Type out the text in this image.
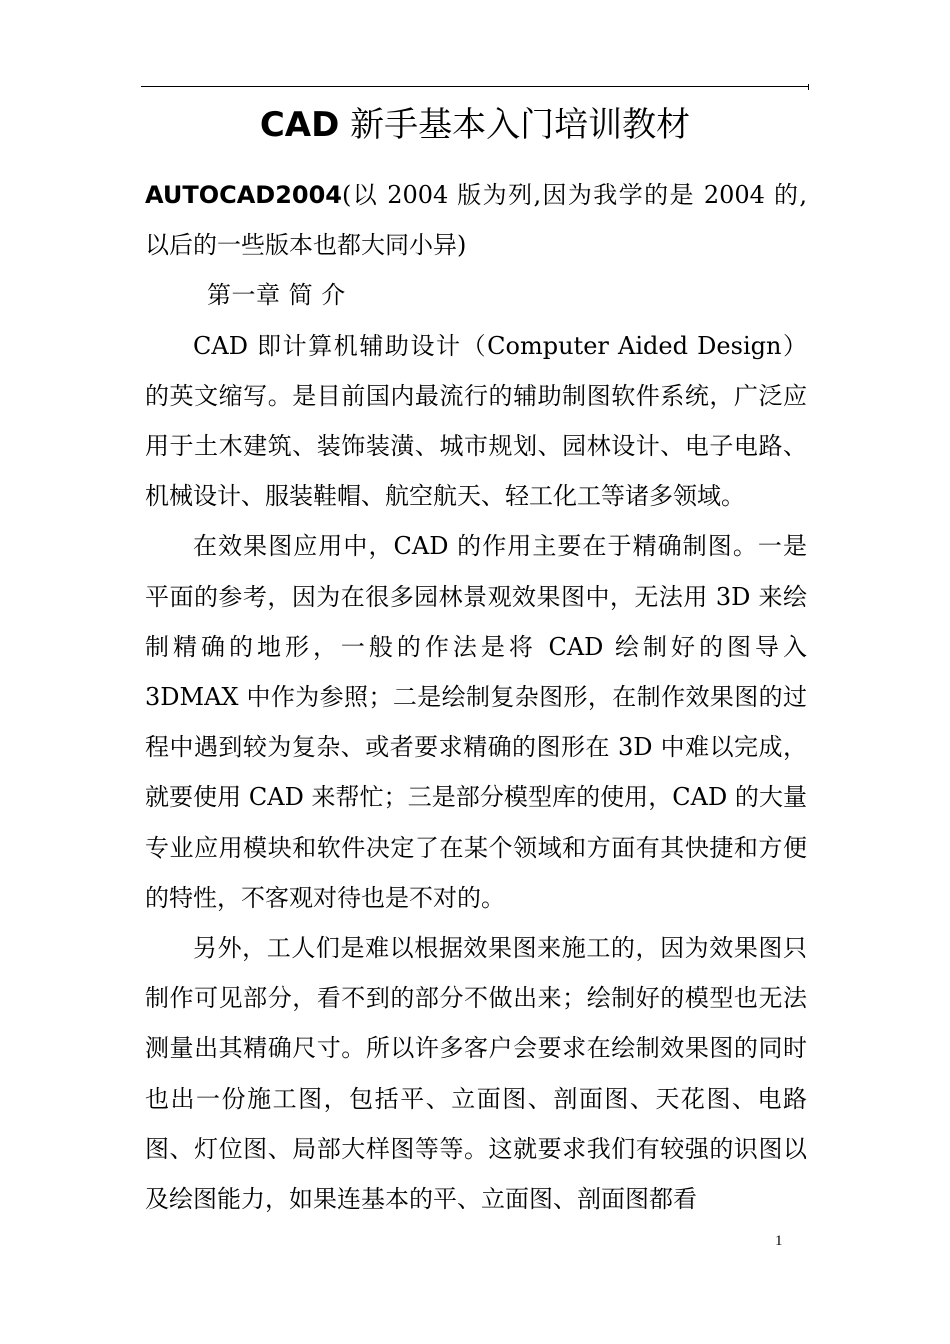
CAD 新手基本入门培训教材

AUTOCAD2004(以 2004 版为列,因为我学的是 2004 的,以后的一些版本也都大同小异)

第一章 简 介

CAD 即计算机辅助设计（Computer Aided Design）的英文缩写。是目前国内最流行的辅助制图软件系统，广泛应用于土木建筑、装饰装潢、城市规划、园林设计、电子电路、机械设计、服装鞋帽、航空航天、轻工化工等诸多领域。

在效果图应用中，CAD 的作用主要在于精确制图。一是平面的参考，因为在很多园林景观效果图中，无法用 3D 来绘制精确的地形，一般的作法是将 CAD 绘制好的图导入 3DMAX 中作为参照；二是绘制复杂图形，在制作效果图的过程中遇到较为复杂、或者要求精确的图形在 3D 中难以完成，就要使用 CAD 来帮忙；三是部分模型库的使用，CAD 的大量专业应用模块和软件决定了在某个领域和方面有其快捷和方便的特性，不客观对待也是不对的。

另外，工人们是难以根据效果图来施工的，因为效果图只制作可见部分，看不到的部分不做出来；绘制好的模型也无法测量出其精确尺寸。所以许多客户会要求在绘制效果图的同时也出一份施工图，包括平、立面图、剖面图、天花图、电路图、灯位图、局部大样图等等。这就要求我们有较强的识图以及绘图能力，如果连基本的平、立面图、剖面图都看

1
